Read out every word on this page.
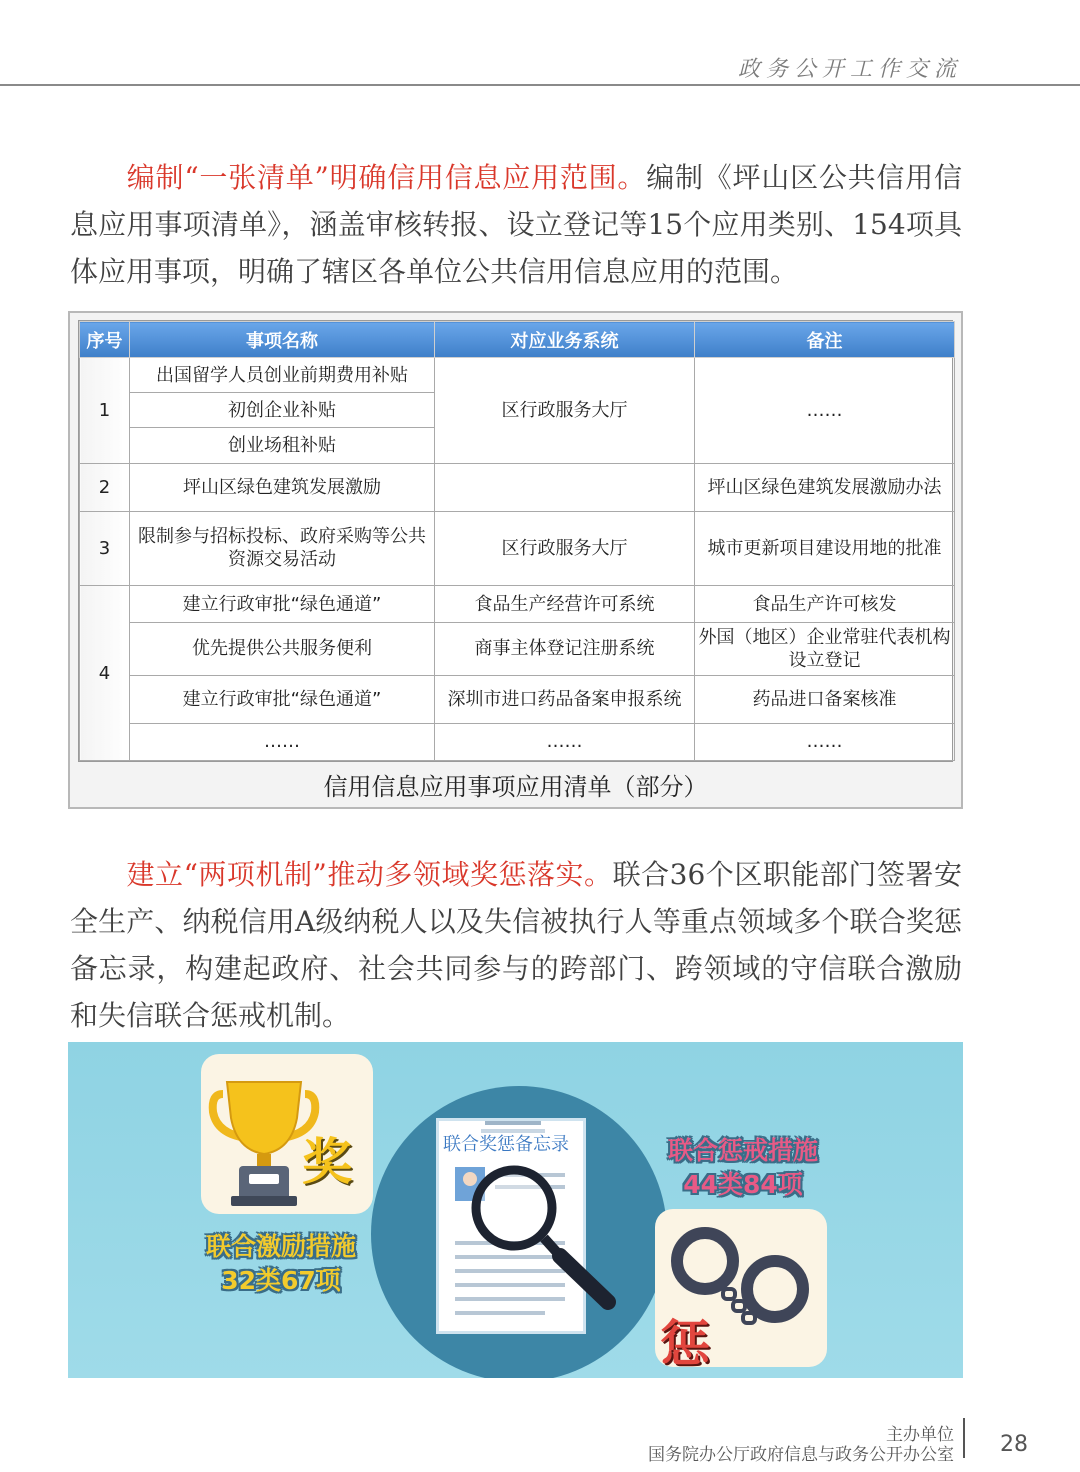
政务公开工作交流

编制“一张清单”明确信用信息应用范围。编制《坪山区公共信用信息应用事项清单》，涵盖审核转报、设立登记等15个应用类别、154项具体应用事项，明确了辖区各单位公共信用信息应用的范围。

序号	事项名称	对应业务系统	备注
1	出国留学人员创业前期费用补贴	区行政服务大厅	……
	初创企业补贴		
	创业场租补贴		
2	坪山区绿色建筑发展激励		坪山区绿色建筑发展激励办法
3	限制参与招标投标、政府采购等公共资源交易活动	区行政服务大厅	城市更新项目建设用地的批准
4	建立行政审批“绿色通道”	食品生产经营许可系统	食品生产许可核发
	优先提供公共服务便利	商事主体登记注册系统	外国（地区）企业常驻代表机构设立登记
	建立行政审批“绿色通道”	深圳市进口药品备案申报系统	药品进口备案核准
	……	……	……
信用信息应用事项应用清单（部分）

建立“两项机制”推动多领域奖惩落实。联合36个区职能部门签署安全生产、纳税信用A级纳税人以及失信被执行人等重点领域多个联合奖惩备忘录，构建起政府、社会共同参与的跨部门、跨领域的守信联合激励和失信联合惩戒机制。

奖
联合激励措施
32类67项
联合奖惩备忘录	联合惩戒措施
44类84项
惩
主办单位
国务院办公厅政府信息与政务公开办公室 28
